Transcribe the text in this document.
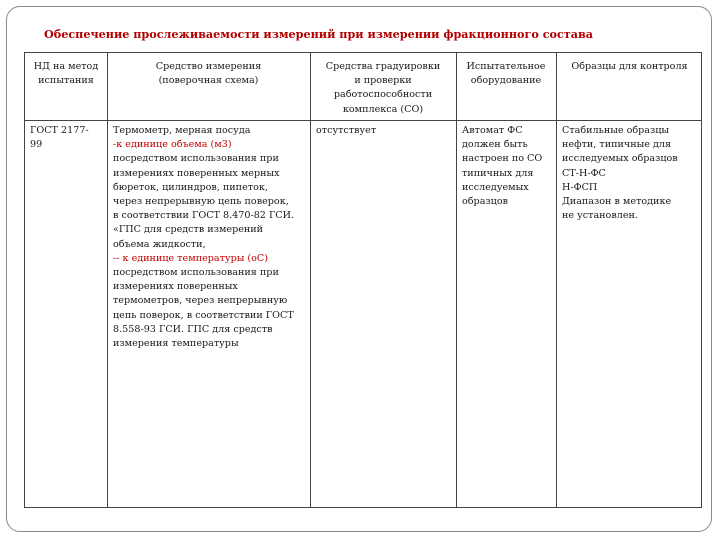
Обеспечение прослеживаемости измерений при измерении фракционного состава
НД на метод
испытания
Средство измерения
(поверочная схема)
Средства градуировки
и проверки
работоспособности
комплекса (СО)
Испытательное
оборудование
Образцы для контроля
ГОСТ 2177-
99
Термометр, мерная посуда
-к единице объема (м3)
посредством использования при
измерениях поверенных мерных
бюреток, цилиндров, пипеток,
через непрерывную цепь поверок,
в соответствии ГОСТ 8.470-82 ГСИ.
«ГПС для средств измерений
объема жидкости,
-- к единице температуры (оС)
посредством использования при
измерениях поверенных
термометров, через непрерывную
цепь поверок, в соответствии ГОСТ
8.558-93 ГСИ. ГПС для средств
измерения температуры
отсутствует	Автомат ФС
должен быть
настроен по СО
типичных для
исследуемых
образцов
Стабильные образцы
нефти, типичные для
исследуемых образцов
СТ-Н-ФС
Н-ФСП
Диапазон в методике
не установлен.
